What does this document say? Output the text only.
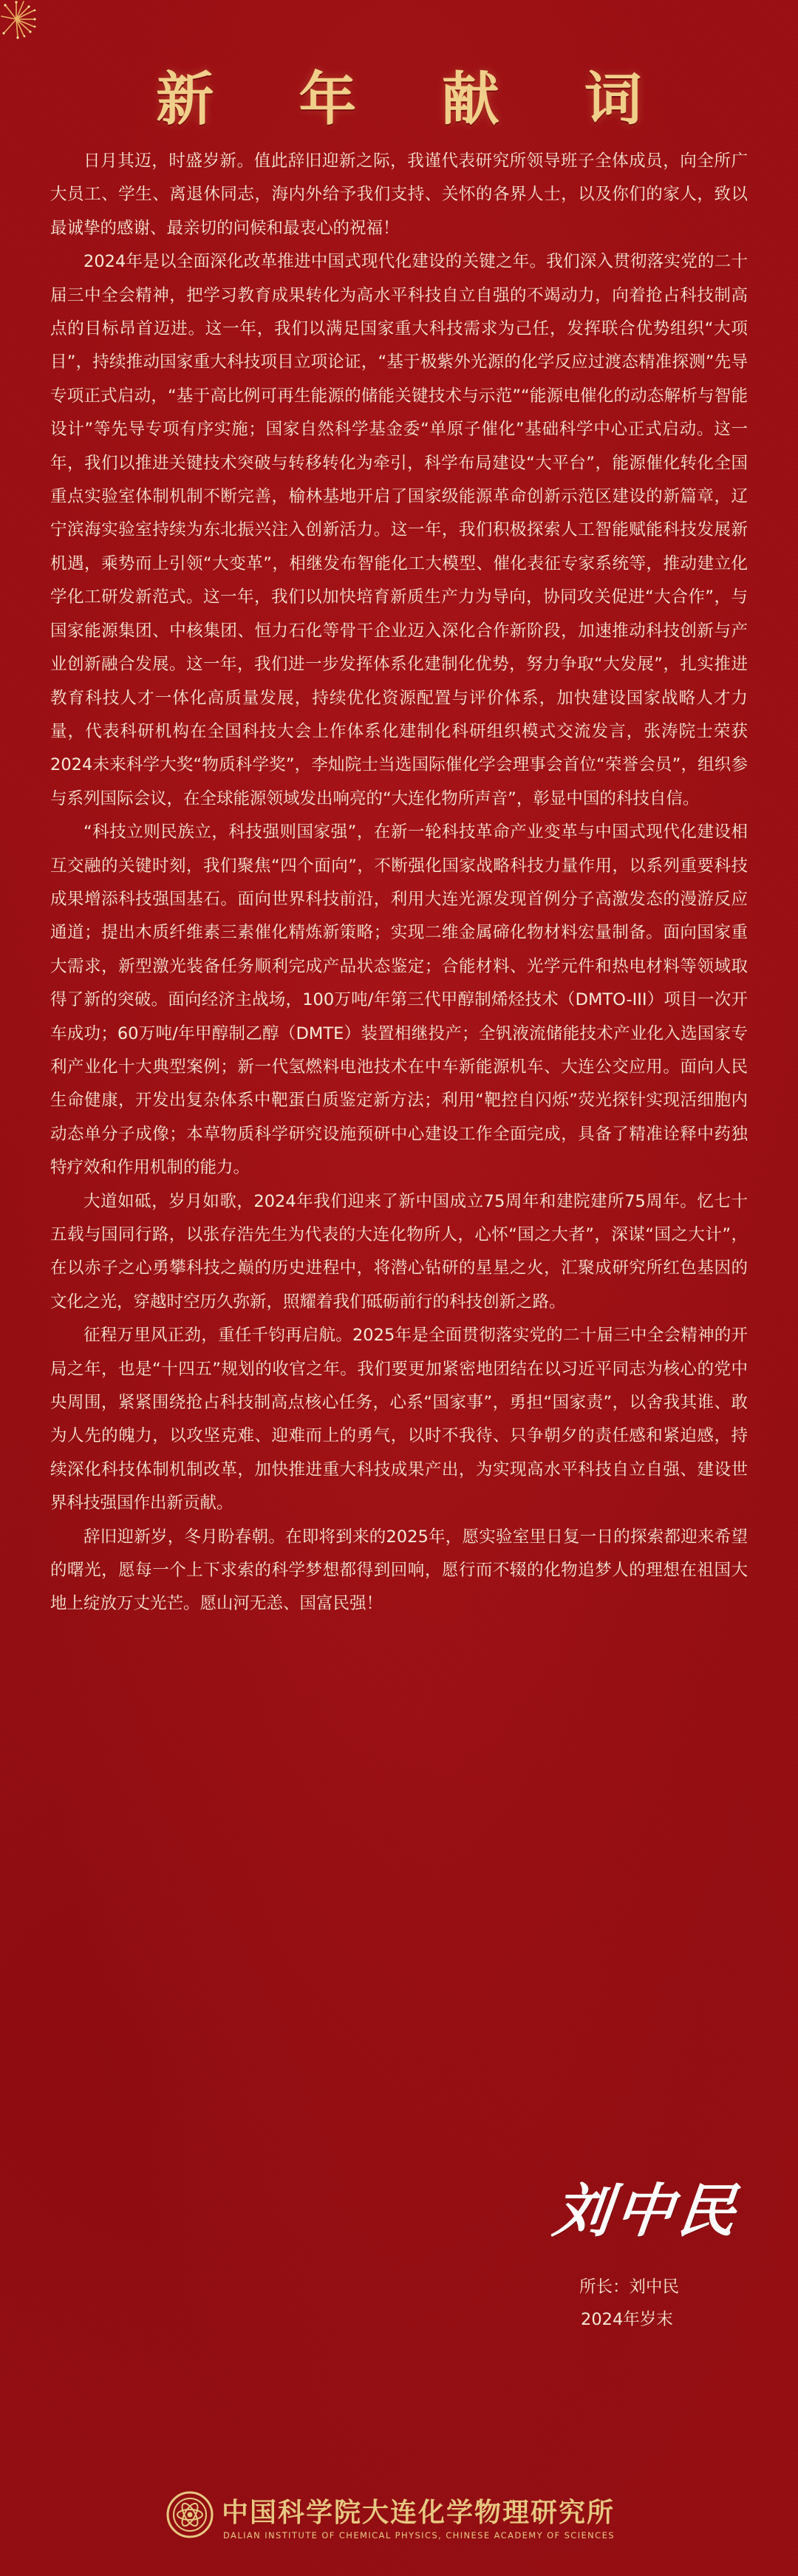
新 年 献 词

日月其迈，时盛岁新。值此辞旧迎新之际，我谨代表研究所领导班子全体成员，向全所广大员工、学生、离退休同志，海内外给予我们支持、关怀的各界人士，以及你们的家人，致以最诚挚的感谢、最亲切的问候和最衷心的祝福！

2024年是以全面深化改革推进中国式现代化建设的关键之年。我们深入贯彻落实党的二十届三中全会精神，把学习教育成果转化为高水平科技自立自强的不竭动力，向着抢占科技制高点的目标昂首迈进。这一年，我们以满足国家重大科技需求为己任，发挥联合优势组织“大项目”，持续推动国家重大科技项目立项论证，“基于极紫外光源的化学反应过渡态精准探测”先导专项正式启动，“基于高比例可再生能源的储能关键技术与示范”“能源电催化的动态解析与智能设计”等先导专项有序实施；国家自然科学基金委“单原子催化”基础科学中心正式启动。这一年，我们以推进关键技术突破与转移转化为牵引，科学布局建设“大平台”，能源催化转化全国重点实验室体制机制不断完善，榆林基地开启了国家级能源革命创新示范区建设的新篇章，辽宁滨海实验室持续为东北振兴注入创新活力。这一年，我们积极探索人工智能赋能科技发展新机遇，乘势而上引领“大变革”，相继发布智能化工大模型、催化表征专家系统等，推动建立化学化工研发新范式。这一年，我们以加快培育新质生产力为导向，协同攻关促进“大合作”，与国家能源集团、中核集团、恒力石化等骨干企业迈入深化合作新阶段，加速推动科技创新与产业创新融合发展。这一年，我们进一步发挥体系化建制化优势，努力争取“大发展”，扎实推进教育科技人才一体化高质量发展，持续优化资源配置与评价体系，加快建设国家战略人才力量，代表科研机构在全国科技大会上作体系化建制化科研组织模式交流发言，张涛院士荣获2024未来科学大奖“物质科学奖”，李灿院士当选国际催化学会理事会首位“荣誉会员”，组织参与系列国际会议，在全球能源领域发出响亮的“大连化物所声音”，彰显中国的科技自信。

“科技立则民族立，科技强则国家强”，在新一轮科技革命产业变革与中国式现代化建设相互交融的关键时刻，我们聚焦“四个面向”，不断强化国家战略科技力量作用，以系列重要科技成果增添科技强国基石。面向世界科技前沿，利用大连光源发现首例分子高激发态的漫游反应通道；提出木质纤维素三素催化精炼新策略；实现二维金属碲化物材料宏量制备。面向国家重大需求，新型激光装备任务顺利完成产品状态鉴定；合能材料、光学元件和热电材料等领域取得了新的突破。面向经济主战场，100万吨/年第三代甲醇制烯烃技术（DMTO-III）项目一次开车成功；60万吨/年甲醇制乙醇（DMTE）装置相继投产；全钒液流储能技术产业化入选国家专利产业化十大典型案例；新一代氢燃料电池技术在中车新能源机车、大连公交应用。面向人民生命健康，开发出复杂体系中靶蛋白质鉴定新方法；利用“靶控自闪烁”荧光探针实现活细胞内动态单分子成像；本草物质科学研究设施预研中心建设工作全面完成，具备了精准诠释中药独特疗效和作用机制的能力。

大道如砥，岁月如歌，2024年我们迎来了新中国成立75周年和建院建所75周年。忆七十五载与国同行路，以张存浩先生为代表的大连化物所人，心怀“国之大者”，深谋“国之大计”，在以赤子之心勇攀科技之巅的历史进程中，将潜心钻研的星星之火，汇聚成研究所红色基因的文化之光，穿越时空历久弥新，照耀着我们砥砺前行的科技创新之路。

征程万里风正劲，重任千钧再启航。2025年是全面贯彻落实党的二十届三中全会精神的开局之年，也是“十四五”规划的收官之年。我们要更加紧密地团结在以习近平同志为核心的党中央周围，紧紧围绕抢占科技制高点核心任务，心系“国家事”，勇担“国家责”，以舍我其谁、敢为人先的魄力，以攻坚克难、迎难而上的勇气，以时不我待、只争朝夕的责任感和紧迫感，持续深化科技体制机制改革，加快推进重大科技成果产出，为实现高水平科技自立自强、建设世界科技强国作出新贡献。

辞旧迎新岁，冬月盼春朝。在即将到来的2025年，愿实验室里日复一日的探索都迎来希望的曙光，愿每一个上下求索的科学梦想都得到回响，愿行而不辍的化物追梦人的理想在祖国大地上绽放万丈光芒。愿山河无恙、国富民强！

刘中民
所长：刘中民
2024年岁末
中国科学院大连化学物理研究所
DALIAN INSTITUTE OF CHEMICAL PHYSICS, CHINESE ACADEMY OF SCIENCES
